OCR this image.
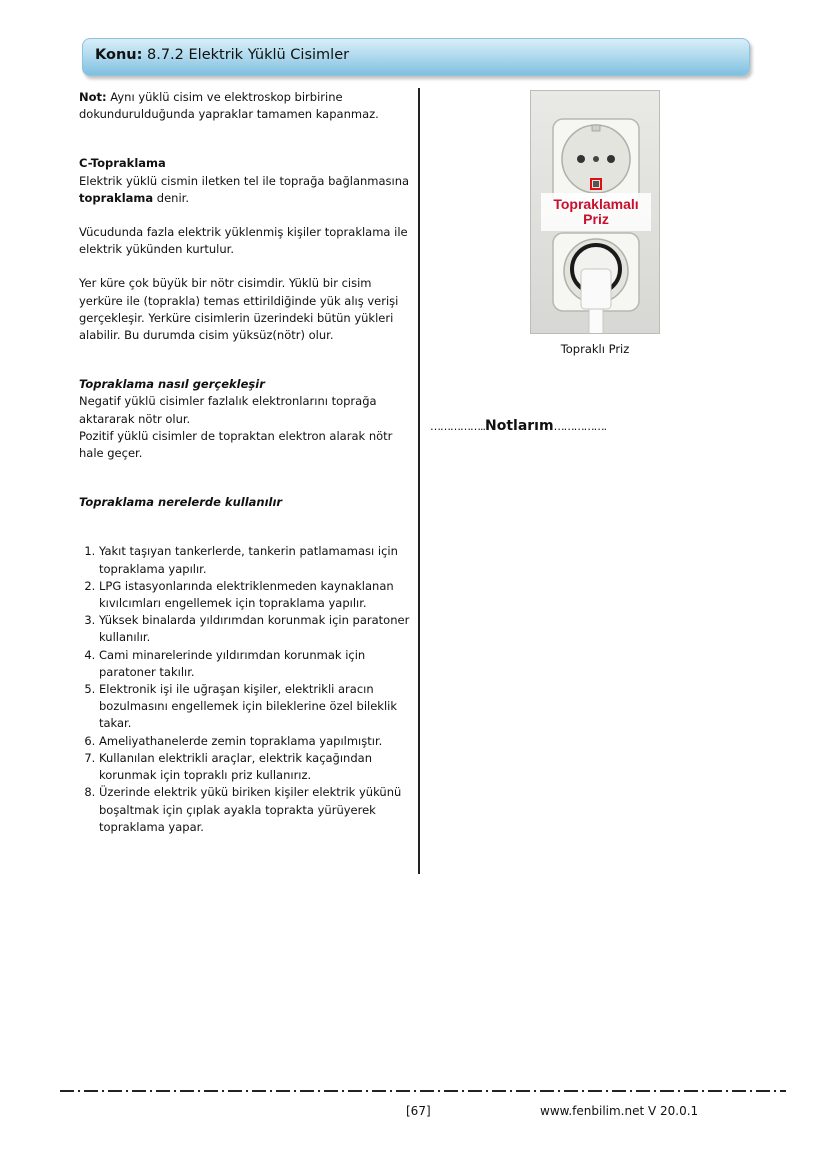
Konu: 8.7.2 Elektrik Yüklü Cisimler

Not: Aynı yüklü cisim ve elektroskop birbirine dokundurulduğunda yapraklar tamamen kapanmaz.

C-Topraklama

Elektrik yüklü cismin iletken tel ile toprağa bağlanmasına topraklama denir.

Vücudunda fazla elektrik yüklenmiş kişiler topraklama ile elektrik yükünden kurtulur.

Yer küre çok büyük bir nötr cisimdir. Yüklü bir cisim yerküre ile (toprakla) temas ettirildiğinde yük alış verişi gerçekleşir. Yerküre cisimlerin üzerindeki bütün yükleri alabilir. Bu durumda cisim yüksüz(nötr) olur.

Topraklama nasıl gerçekleşir

Negatif yüklü cisimler fazlalık elektronlarını toprağa aktararak nötr olur.

Pozitif yüklü cisimler de topraktan elektron alarak nötr hale geçer.

Topraklama nerelerde kullanılır

1. Yakıt taşıyan tankerlerde, tankerin patlamaması için topraklama yapılır.
2. LPG istasyonlarında elektriklenmeden kaynaklanan kıvılcımları engellemek için topraklama yapılır.
3. Yüksek binalarda yıldırımdan korunmak için paratoner kullanılır.
4. Cami minarelerinde yıldırımdan korunmak için paratoner takılır.
5. Elektronik işi ile uğraşan kişiler, elektrikli aracın bozulmasını engellemek için bileklerine özel bileklik takar.
6. Ameliyathanelerde zemin topraklama yapılmıştır.
7. Kullanılan elektrikli araçlar, elektrik kaçağından korunmak için topraklı priz kullanırız.
8. Üzerinde elektrik yükü biriken kişiler elektrik yükünü boşaltmak için çıplak ayakla toprakta yürüyerek topraklama yapar.
Topraklamalı
Priz
Topraklı Priz
……………..Notlarım…………….
[67]	www.fenbilim.net V 20.0.1
